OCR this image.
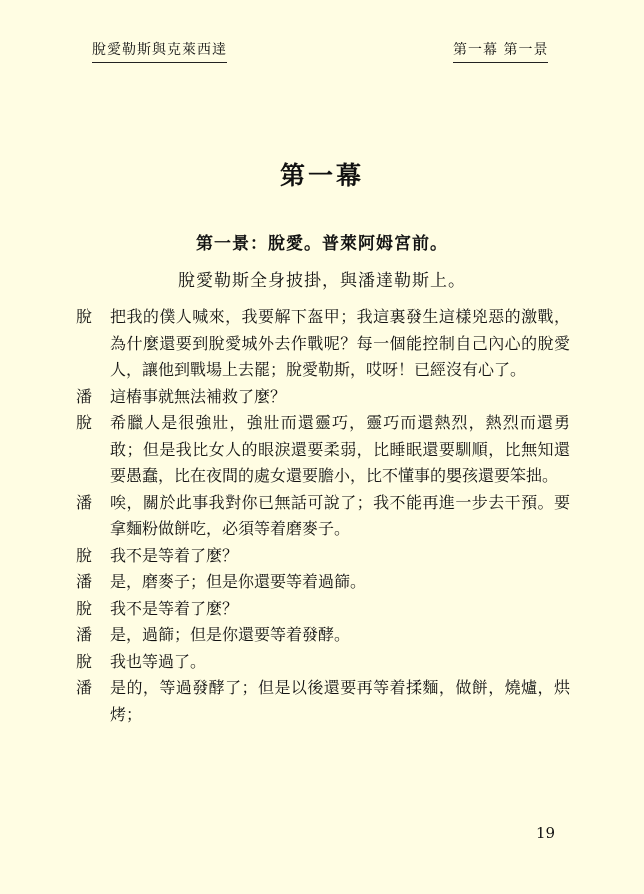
脫愛勒斯與克萊西達	第一幕 第一景
第一幕
第一景：脫愛。普萊阿姆宮前。
脫愛勒斯全身披掛，與潘達勒斯上。
脫	把我的僕人喊來，我要解下盔甲；我這裏發生這樣兇惡的激戰，為什麼還要到脫愛城外去作戰呢？每一個能控制自己內心的脫愛人，讓他到戰場上去罷；脫愛勒斯，哎呀！已經沒有心了。

潘	這樁事就無法補救了麼？

脫	希臘人是很強壯，強壯而還靈巧，靈巧而還熱烈，熱烈而還勇敢；但是我比女人的眼淚還要柔弱，比睡眠還要馴順，比無知還要愚蠢，比在夜間的處女還要膽小，比不懂事的嬰孩還要笨拙。

潘	唉，關於此事我對你已無話可說了；我不能再進一步去干預。要拿麵粉做餅吃，必須等着磨麥子。

脫	我不是等着了麼？

潘	是，磨麥子；但是你還要等着過篩。

脫	我不是等着了麼？

潘	是，過篩；但是你還要等着發酵。

脫	我也等過了。

潘	是的，等過發酵了；但是以後還要再等着揉麵，做餅，燒爐，烘烤；

19
